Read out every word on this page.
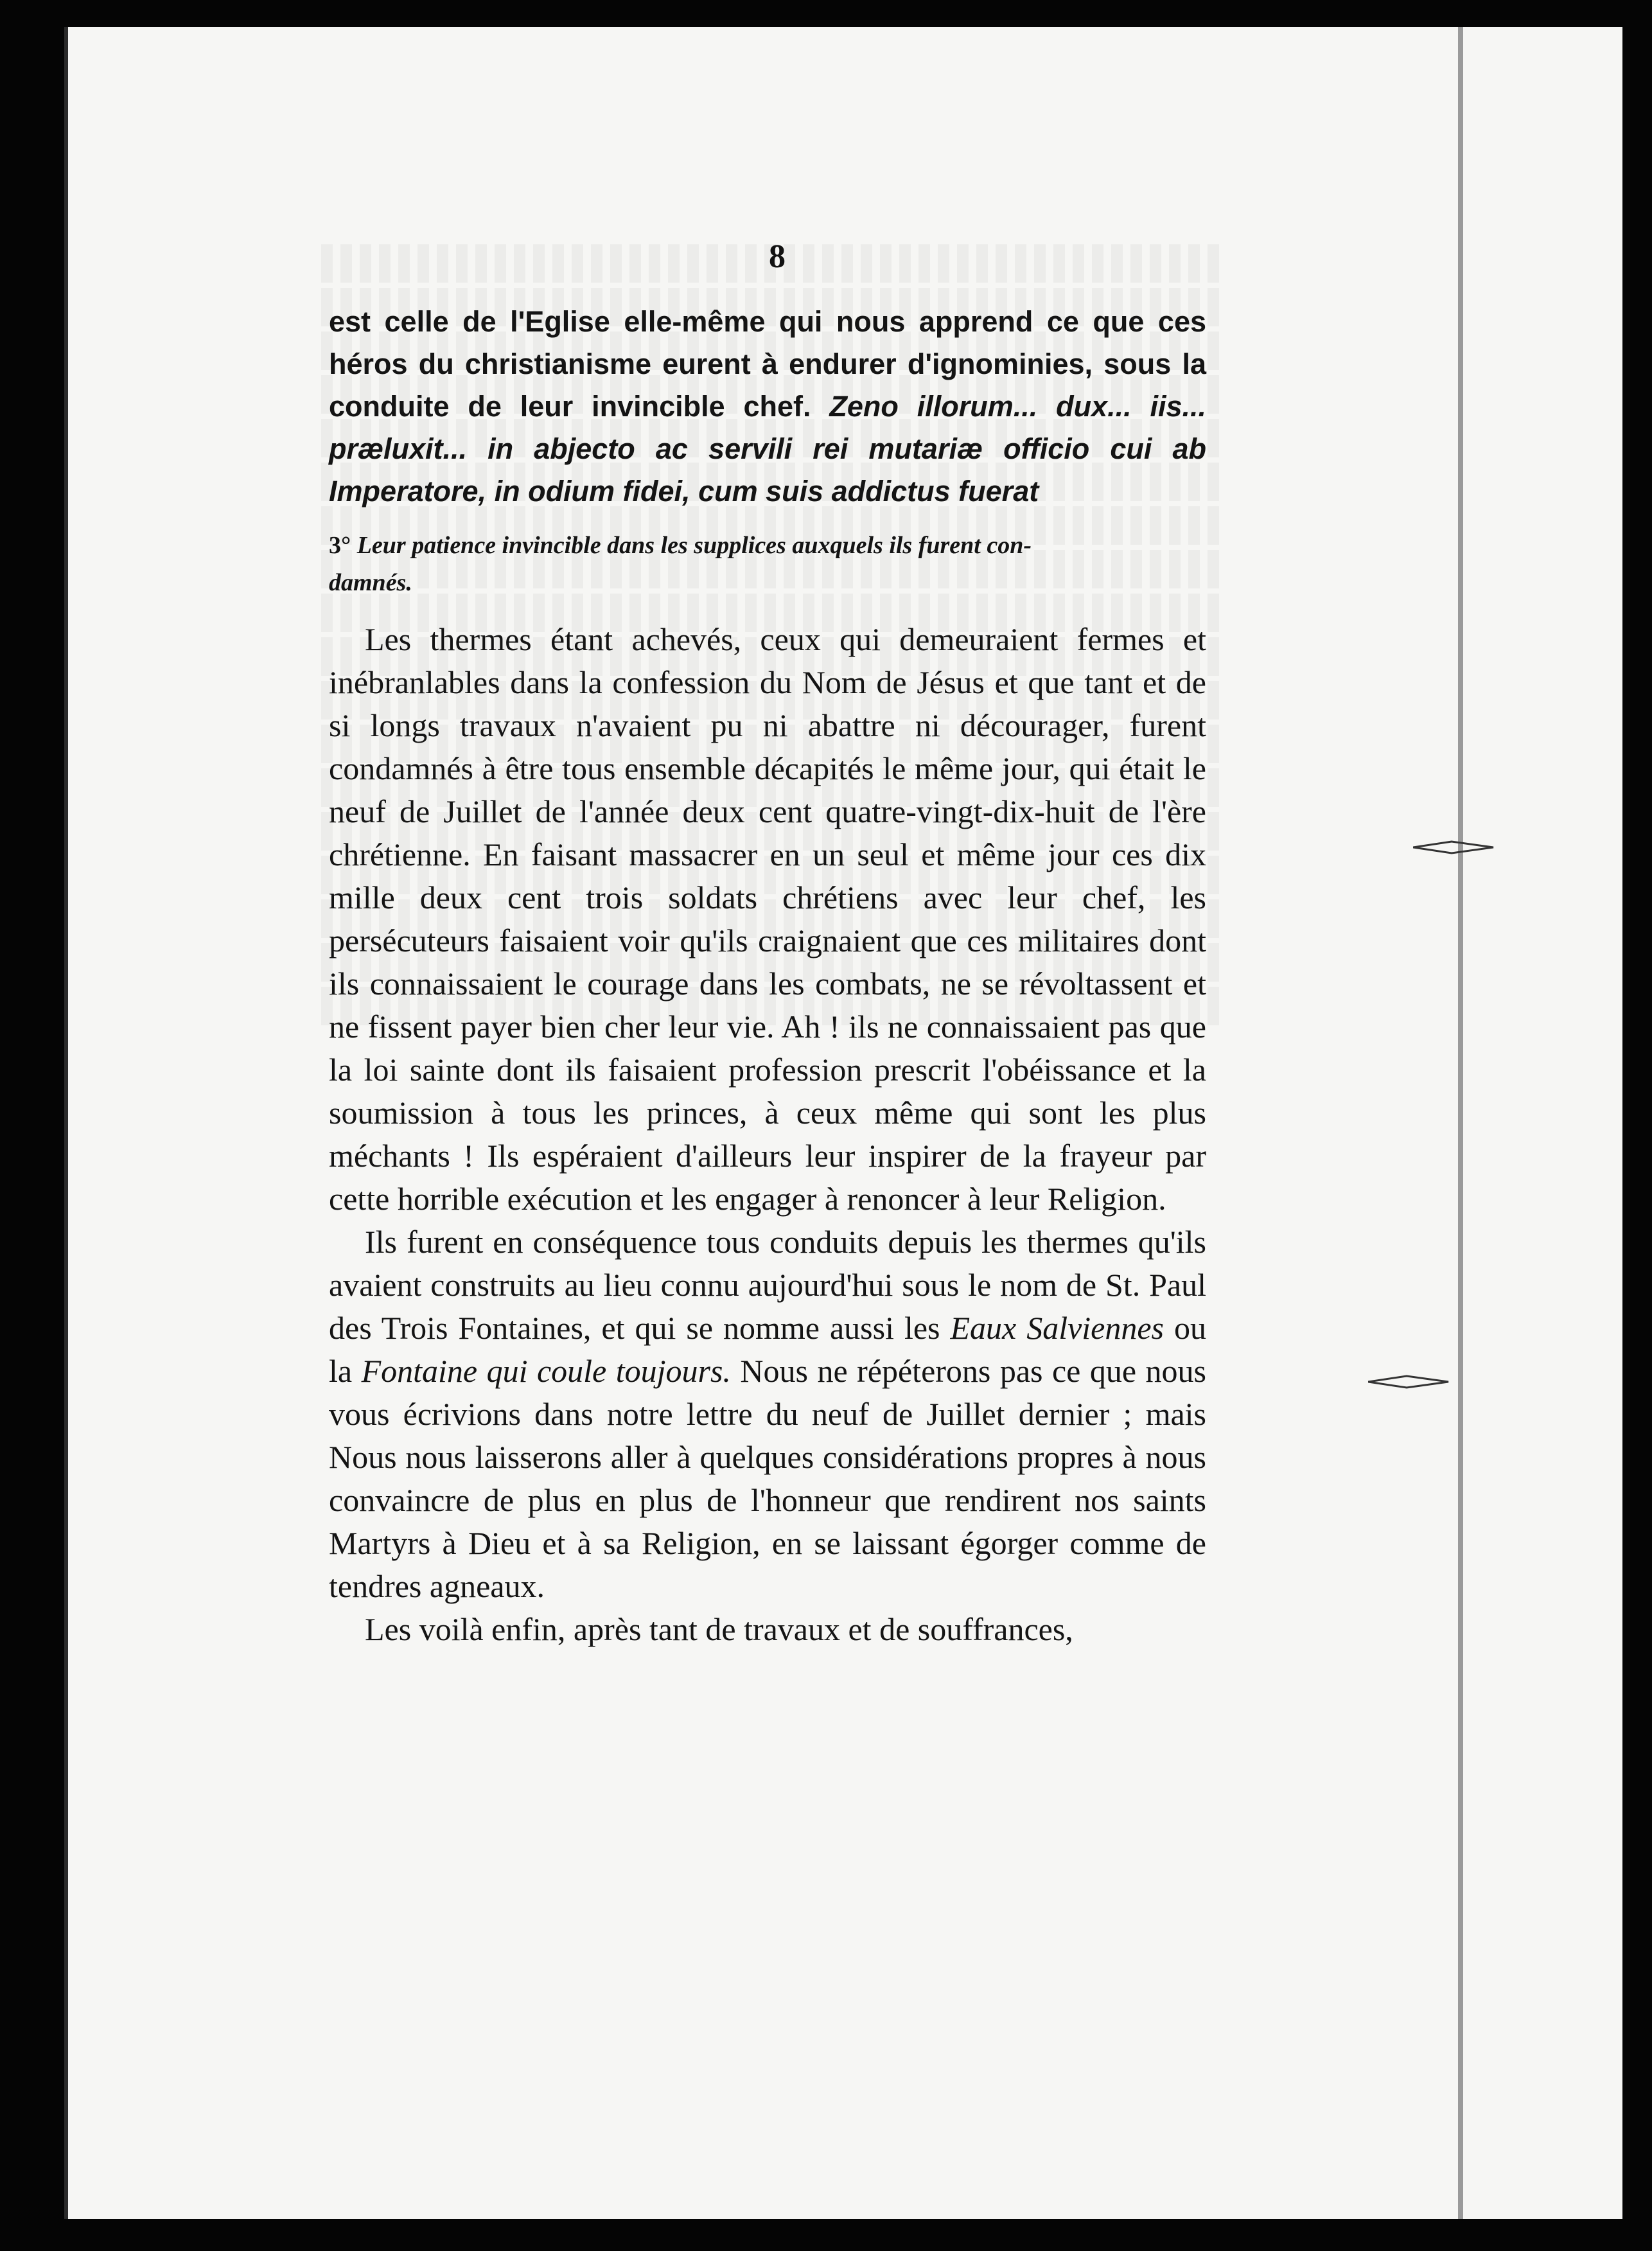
8

est celle de l'Eglise elle-même qui nous apprend ce que ces héros du christianisme eurent à endurer d'ignominies, sous la conduite de leur invincible chef. Zeno illorum... dux... iis... præluxit... in abjecto ac servili rei mutariæ officio cui ab Imperatore, in odium fidei, cum suis addictus fuerat

3° Leur patience invincible dans les supplices auxquels ils furent con-
damnés.

Les thermes étant achevés, ceux qui demeuraient fermes et inébranlables dans la confession du Nom de Jésus et que tant et de si longs travaux n'avaient pu ni abattre ni décourager, furent condamnés à être tous ensemble décapités le même jour, qui était le neuf de Juillet de l'année deux cent quatre-vingt-dix-huit de l'ère chrétienne. En faisant massacrer en un seul et même jour ces dix mille deux cent trois soldats chrétiens avec leur chef, les persécuteurs faisaient voir qu'ils craignaient que ces militaires dont ils connaissaient le courage dans les combats, ne se révoltassent et ne fissent payer bien cher leur vie. Ah ! ils ne connaissaient pas que la loi sainte dont ils faisaient profession prescrit l'obéissance et la soumission à tous les princes, à ceux même qui sont les plus méchants ! Ils espéraient d'ailleurs leur inspirer de la frayeur par cette horrible exécution et les engager à renoncer à leur Religion.

Ils furent en conséquence tous conduits depuis les thermes qu'ils avaient construits au lieu connu aujourd'hui sous le nom de St. Paul des Trois Fontaines, et qui se nomme aussi les Eaux Salviennes ou la Fontaine qui coule toujours. Nous ne répéterons pas ce que nous vous écrivions dans notre lettre du neuf de Juillet dernier ; mais Nous nous laisserons aller à quelques considérations propres à nous convaincre de plus en plus de l'honneur que rendirent nos saints Martyrs à Dieu et à sa Religion, en se laissant égorger comme de tendres agneaux.

Les voilà enfin, après tant de travaux et de souffrances,
